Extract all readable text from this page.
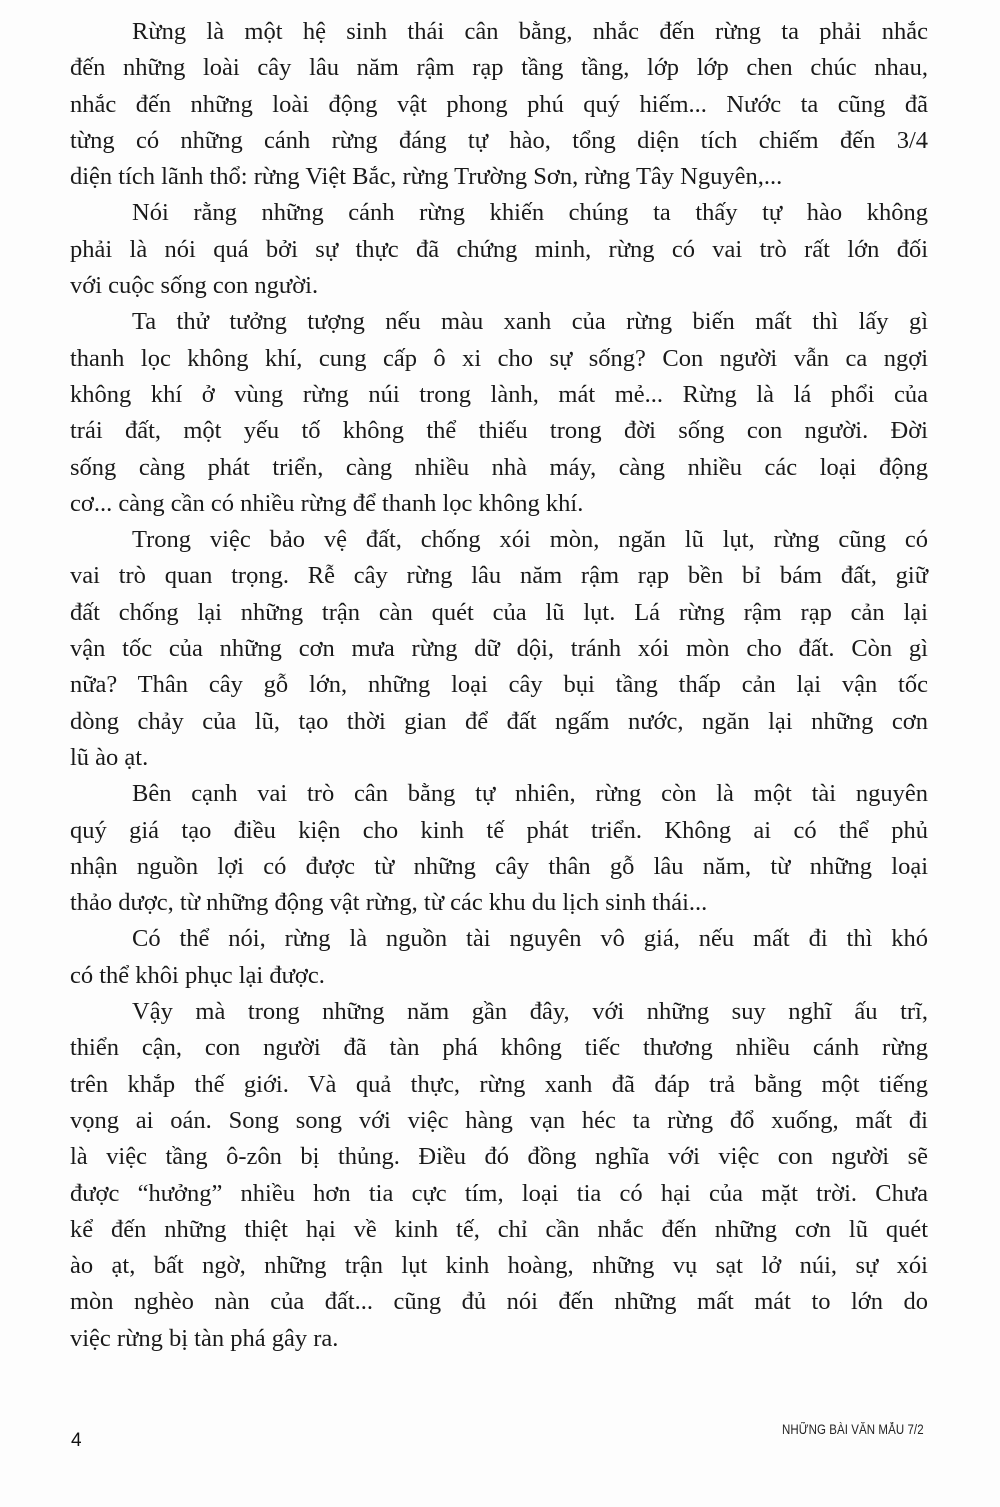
Rừng là một hệ sinh thái cân bằng, nhắc đến rừng ta phải nhắc
đến những loài cây lâu năm rậm rạp tầng tầng, lớp lớp chen chúc nhau,
nhắc đến những loài động vật phong phú quý hiếm... Nước ta cũng đã
từng có những cánh rừng đáng tự hào, tổng diện tích chiếm đến 3/4
diện tích lãnh thổ: rừng Việt Bắc, rừng Trường Sơn, rừng Tây Nguyên,...
Nói rằng những cánh rừng khiến chúng ta thấy tự hào không
phải là nói quá bởi sự thực đã chứng minh, rừng có vai trò rất lớn đối
với cuộc sống con người.
Ta thử tưởng tượng nếu màu xanh của rừng biến mất thì lấy gì
thanh lọc không khí, cung cấp ô xi cho sự sống? Con người vẫn ca ngợi
không khí ở vùng rừng núi trong lành, mát mẻ... Rừng là lá phổi của
trái đất, một yếu tố không thể thiếu trong đời sống con người. Đời
sống càng phát triển, càng nhiều nhà máy, càng nhiều các loại động
cơ... càng cần có nhiều rừng để thanh lọc không khí.
Trong việc bảo vệ đất, chống xói mòn, ngăn lũ lụt, rừng cũng có
vai trò quan trọng. Rễ cây rừng lâu năm rậm rạp bền bỉ bám đất, giữ
đất chống lại những trận càn quét của lũ lụt. Lá rừng rậm rạp cản lại
vận tốc của những cơn mưa rừng dữ dội, tránh xói mòn cho đất. Còn gì
nữa? Thân cây gỗ lớn, những loại cây bụi tầng thấp cản lại vận tốc
dòng chảy của lũ, tạo thời gian để đất ngấm nước, ngăn lại những cơn
lũ ào ạt.
Bên cạnh vai trò cân bằng tự nhiên, rừng còn là một tài nguyên
quý giá tạo điều kiện cho kinh tế phát triển. Không ai có thể phủ
nhận nguồn lợi có được từ những cây thân gỗ lâu năm, từ những loại
thảo dược, từ những động vật rừng, từ các khu du lịch sinh thái...
Có thể nói, rừng là nguồn tài nguyên vô giá, nếu mất đi thì khó
có thể khôi phục lại được.
Vậy mà trong những năm gần đây, với những suy nghĩ ấu trĩ,
thiển cận, con người đã tàn phá không tiếc thương nhiều cánh rừng
trên khắp thế giới. Và quả thực, rừng xanh đã đáp trả bằng một tiếng
vọng ai oán. Song song với việc hàng vạn héc ta rừng đổ xuống, mất đi
là việc tầng ô-zôn bị thủng. Điều đó đồng nghĩa với việc con người sẽ
được “hưởng” nhiều hơn tia cực tím, loại tia có hại của mặt trời. Chưa
kể đến những thiệt hại về kinh tế, chỉ cần nhắc đến những cơn lũ quét
ào ạt, bất ngờ, những trận lụt kinh hoàng, những vụ sạt lở núi, sự xói
mòn nghèo nàn của đất... cũng đủ nói đến những mất mát to lớn do
việc rừng bị tàn phá gây ra.
4
NHỮNG BÀI VĂN MẪU 7/2
